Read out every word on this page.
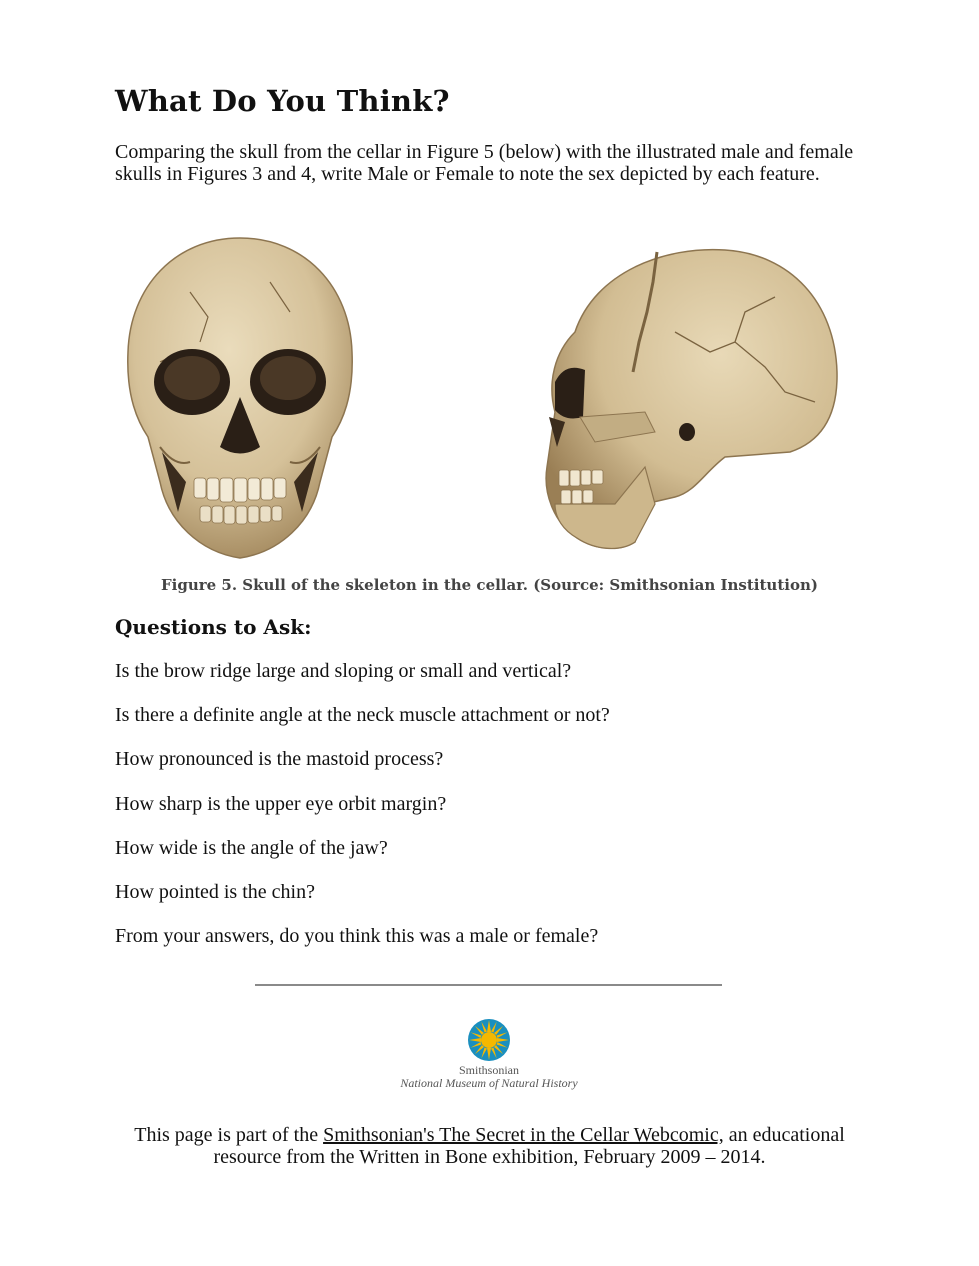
What Do You Think?

Comparing the skull from the cellar in Figure 5 (below) with the illustrated male and female skulls in Figures 3 and 4, write Male or Female to note the sex depicted by each feature.

Figure 5. Skull of the skeleton in the cellar. (Source: Smithsonian Institution)

Questions to Ask:
Is the brow ridge large and sloping or small and vertical?
Is there a definite angle at the neck muscle attachment or not?
How pronounced is the mastoid process?
How sharp is the upper eye orbit margin?
How wide is the angle of the jaw?
How pointed is the chin?
From your answers, do you think this was a male or female?
Smithsonian
National Museum of Natural History

This page is part of the Smithsonian's The Secret in the Cellar Webcomic, an educational resource from the Written in Bone exhibition, February 2009 – 2014.
